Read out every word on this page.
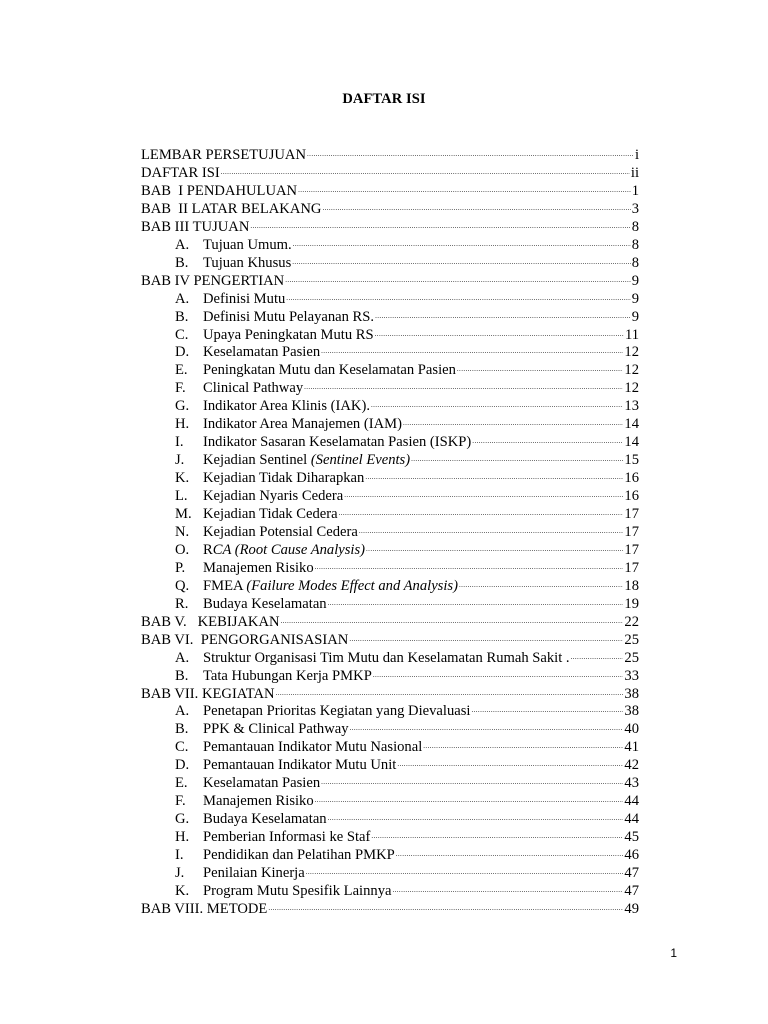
DAFTAR ISI
LEMBAR PERSETUJUAN .....	i
DAFTAR ISI .....	ii
BAB  I PENDAHULUAN .....	1
BAB  II LATAR BELAKANG .....	3
BAB III TUJUAN .....	8
A. Tujuan Umum. .....	8
B. Tujuan Khusus .....	8
BAB IV PENGERTIAN .....	9
A. Definisi Mutu .....	9
B. Definisi Mutu Pelayanan RS. .....	9
C. Upaya Peningkatan Mutu RS .....	11
D. Keselamatan Pasien .....	12
E. Peningkatan Mutu dan Keselamatan Pasien .....	12
F. Clinical Pathway .....	12
G. Indikator Area Klinis (IAK). .....	13
H. Indikator Area Manajemen (IAM) .....	14
I. Indikator Sasaran Keselamatan Pasien (ISKP) .....	14
J. Kejadian Sentinel (Sentinel Events) .....	15
K. Kejadian Tidak Diharapkan .....	16
L. Kejadian Nyaris Cedera .....	16
M. Kejadian Tidak Cedera .....	17
N. Kejadian Potensial Cedera .....	17
O. RCA (Root Cause Analysis) .....	17
P. Manajemen Risiko .....	17
Q. FMEA (Failure Modes Effect and Analysis) .....	18
R. Budaya Keselamatan .....	19
BAB V.   KEBIJAKAN .....	22
BAB VI.  PENGORGANISASIAN .....	25
A. Struktur Organisasi Tim Mutu dan Keselamatan Rumah Sakit . .....	25
B. Tata Hubungan Kerja PMKP .....	33
BAB VII. KEGIATAN .....	38
A. Penetapan Prioritas Kegiatan yang Dievaluasi .....	38
B. PPK & Clinical Pathway .....	40
C. Pemantauan Indikator Mutu Nasional .....	41
D. Pemantauan Indikator Mutu Unit .....	42
E. Keselamatan Pasien .....	43
F. Manajemen Risiko .....	44
G. Budaya Keselamatan .....	44
H. Pemberian Informasi ke Staf .....	45
I. Pendidikan dan Pelatihan PMKP .....	46
J. Penilaian Kinerja .....	47
K. Program Mutu Spesifik Lainnya .....	47
BAB VIII. METODE .....	49
1
